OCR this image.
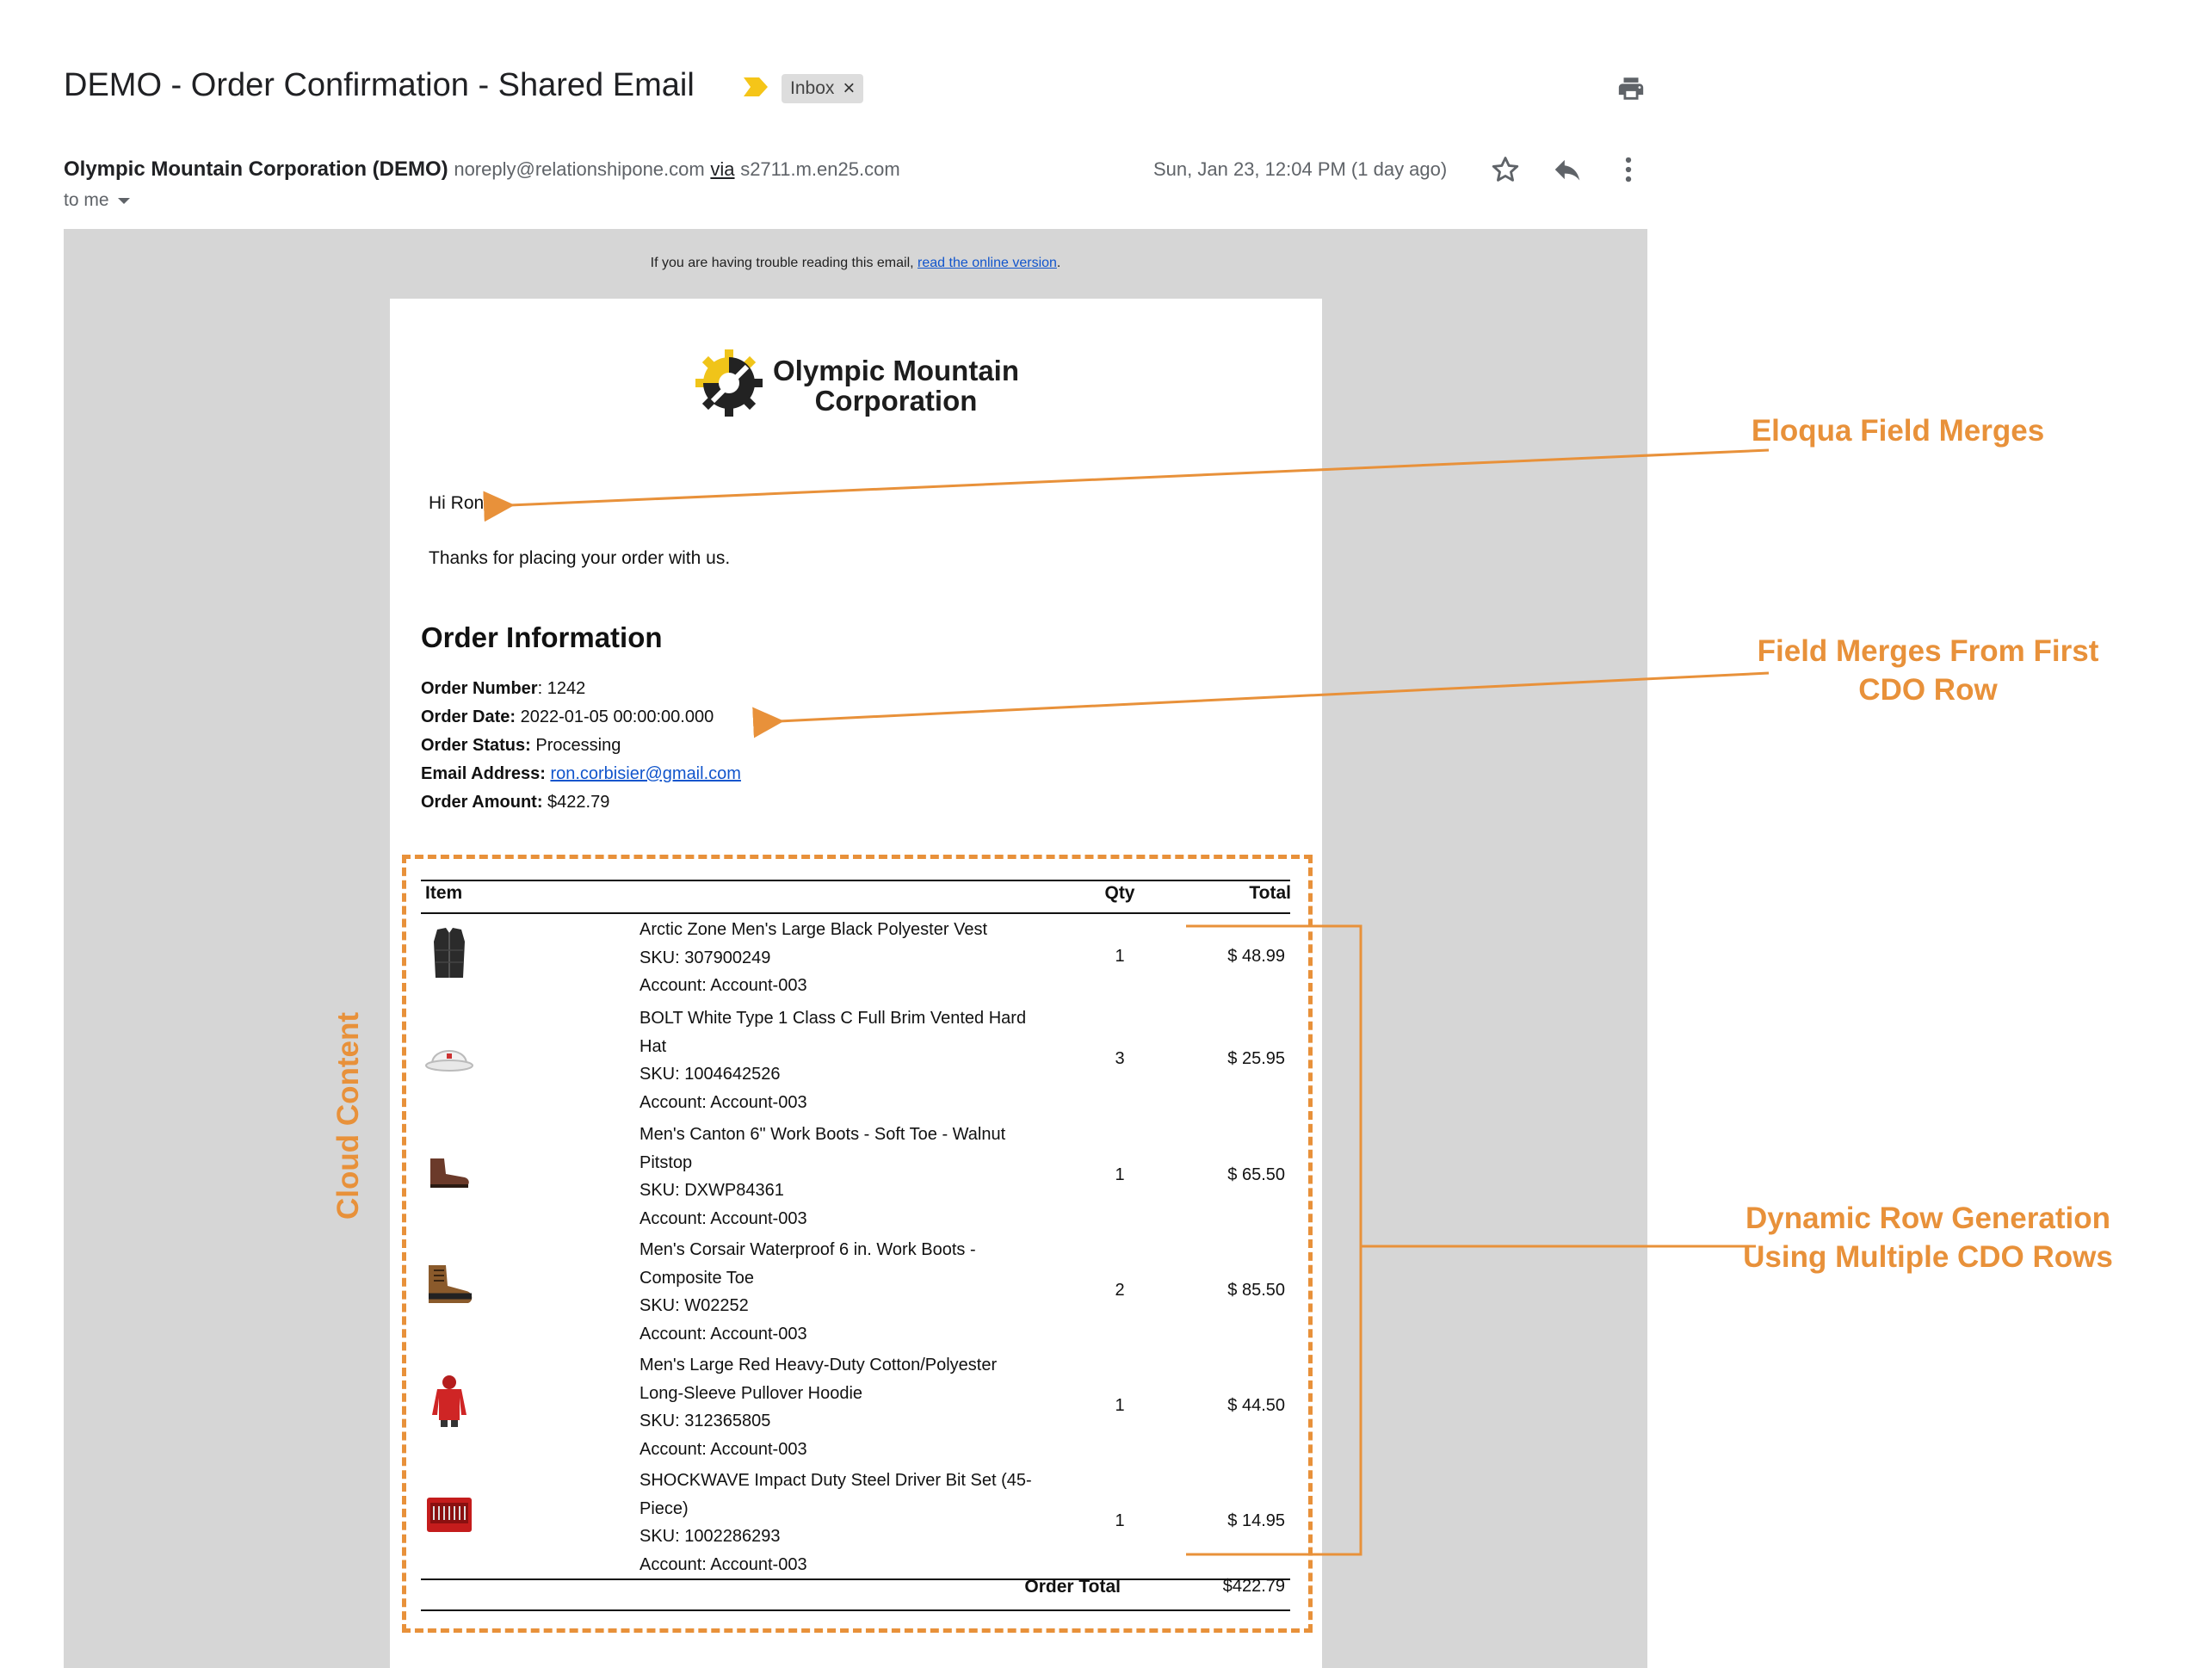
DEMO - Order Confirmation - Shared Email	Inbox ×
Olympic Mountain Corporation (DEMO) noreply@relationshipone.com via s2711.m.en25.com
to me
Sun, Jan 23, 12:04 PM (1 day ago)
If you are having trouble reading this email, read the online version.
Olympic Mountain
Corporation
Hi Ron,
Thanks for placing your order with us.
Order Information
Order Number: 1242
Order Date: 2022-01-05 00:00:00.000
Order Status: Processing
Email Address: ron.corbisier@gmail.com
Order Amount: $422.79
Item	Qty	Total
Arctic Zone Men's Large Black Polyester Vest
SKU: 307900249
Account: Account-003
1	$ 48.99
BOLT White Type 1 Class C Full Brim Vented Hard
Hat
SKU: 1004642526
Account: Account-003
3	$ 25.95
Men's Canton 6" Work Boots - Soft Toe - Walnut
Pitstop
SKU: DXWP84361
Account: Account-003
1	$ 65.50
Men's Corsair Waterproof 6 in. Work Boots -
Composite Toe
SKU: W02252
Account: Account-003
2	$ 85.50
Men's Large Red Heavy-Duty Cotton/Polyester
Long-Sleeve Pullover Hoodie
SKU: 312365805
Account: Account-003
1	$ 44.50
SHOCKWAVE Impact Duty Steel Driver Bit Set (45-
Piece)
SKU: 1002286293
Account: Account-003
1	$ 14.95
Order Total	$422.79
Eloqua Field Merges
Field Merges From First CDO Row
Dynamic Row Generation Using Multiple CDO Rows
Cloud Content
